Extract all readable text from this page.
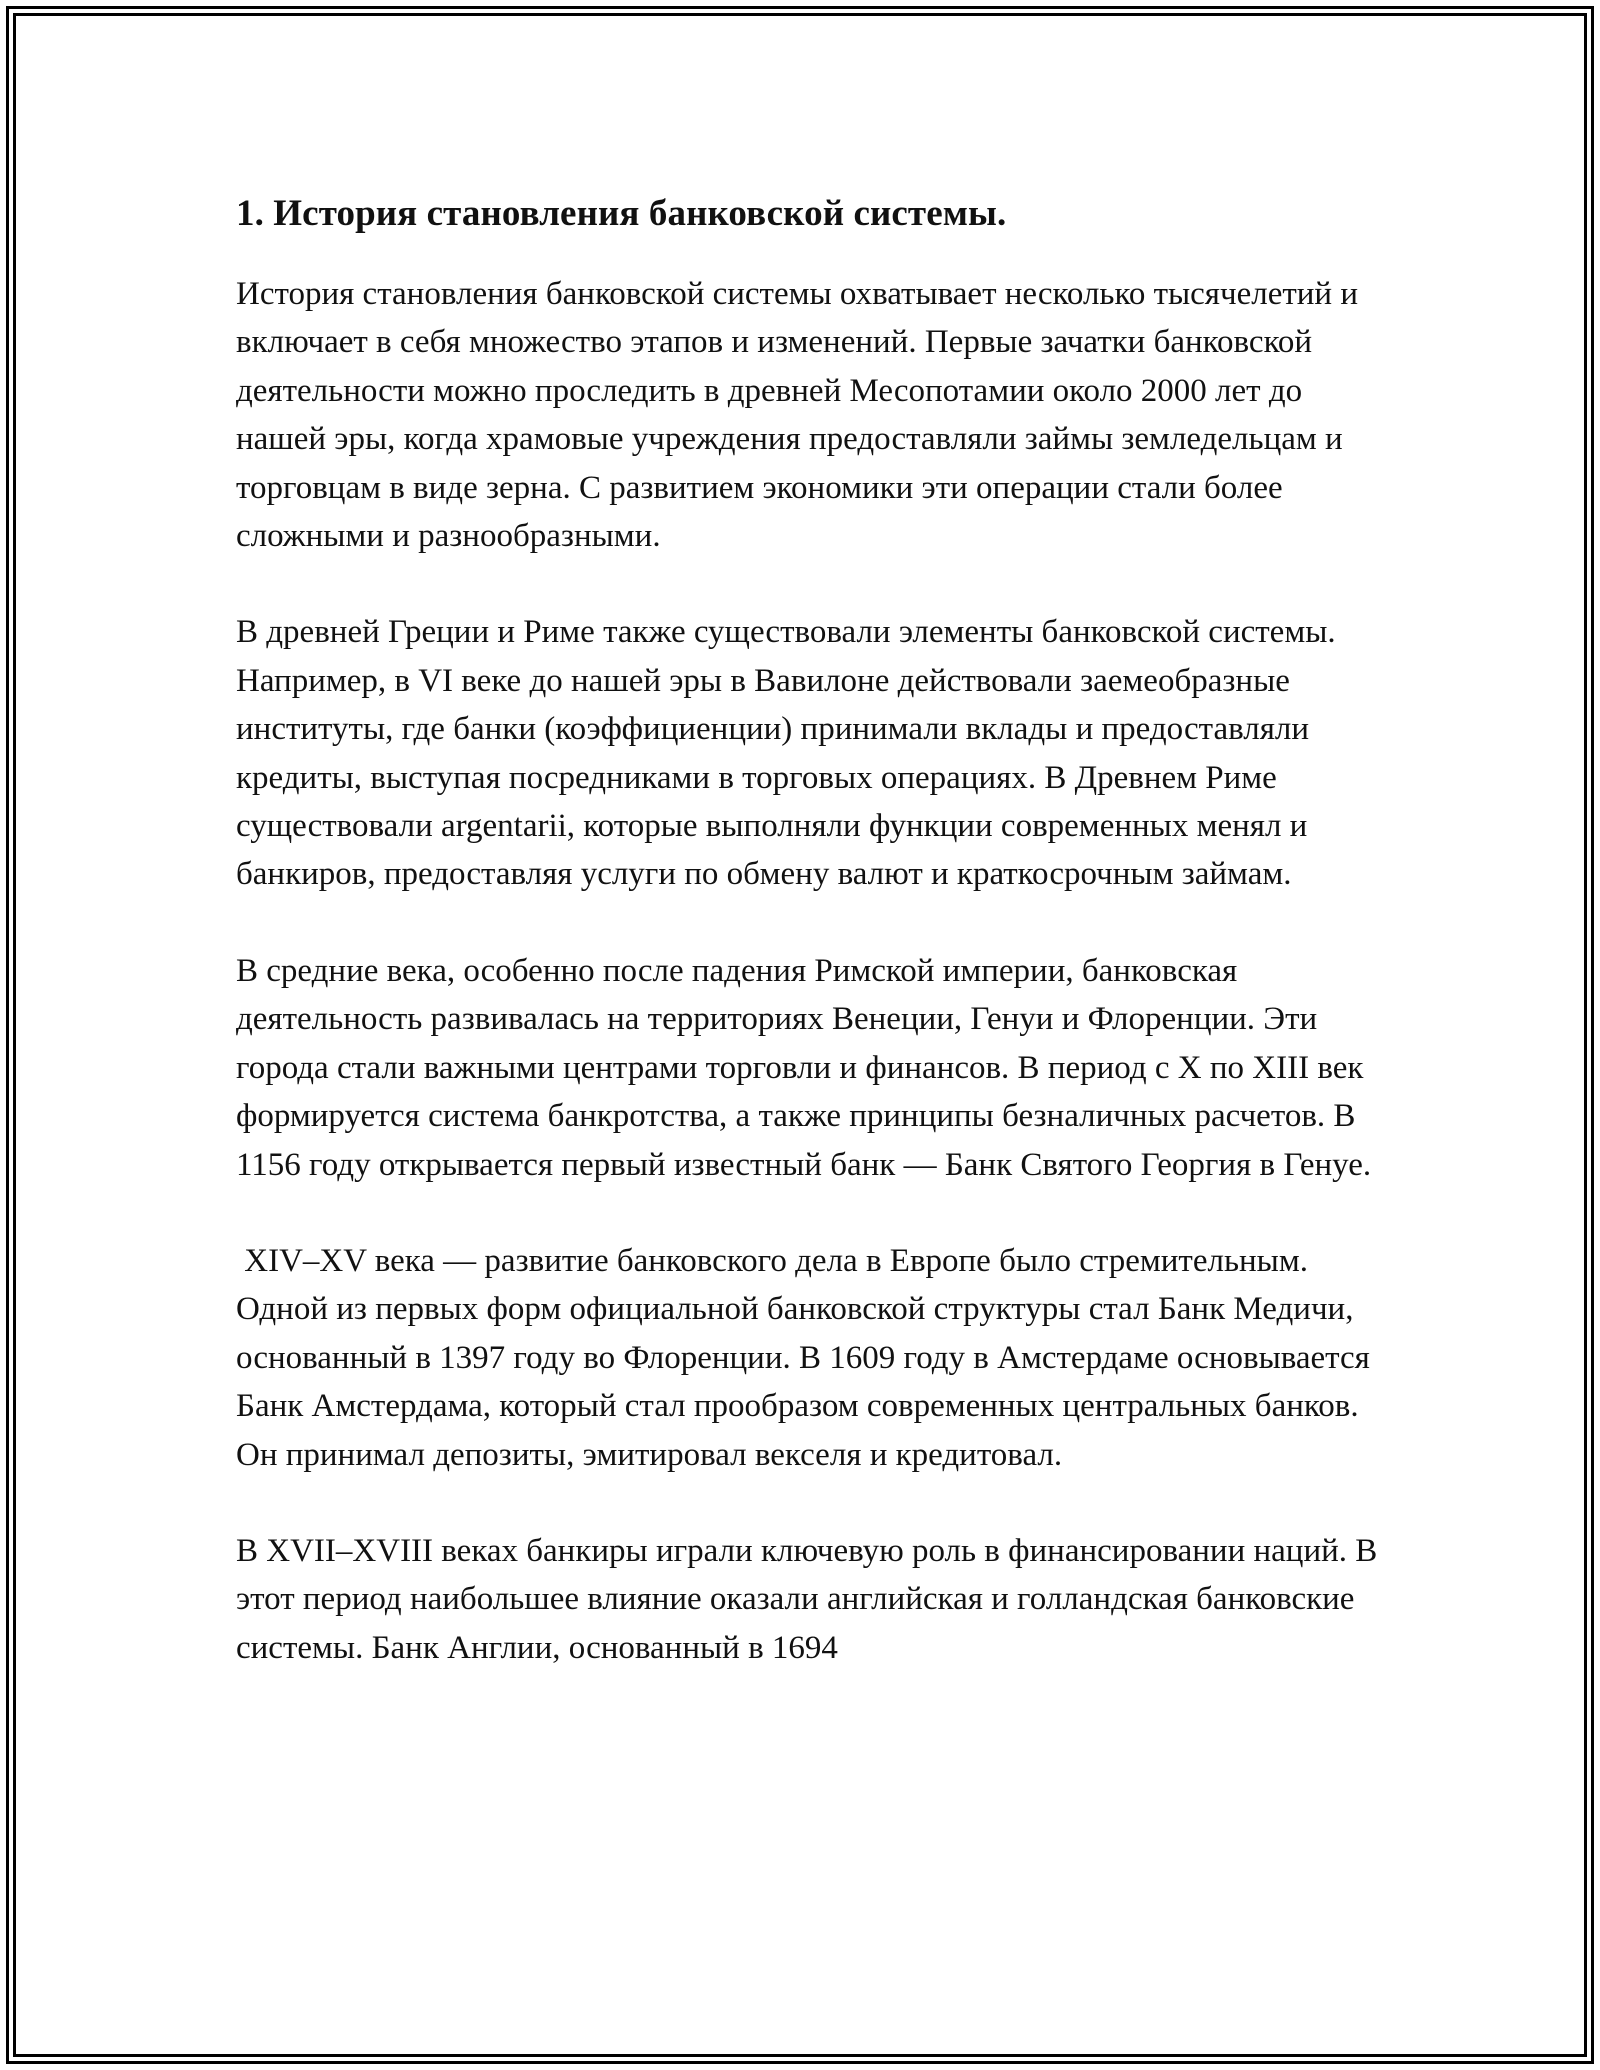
1. История становления банковской системы.

История становления банковской системы охватывает несколько тысячелетий и включает в себя множество этапов и изменений. Первые зачатки банковской деятельности можно проследить в древней Месопотамии около 2000 лет до нашей эры, когда храмовые учреждения предоставляли займы земледельцам и торговцам в виде зерна. С развитием экономики эти операции стали более сложными и разнообразными.

В древней Греции и Риме также существовали элементы банковской системы. Например, в VI веке до нашей эры в Вавилоне действовали заемеобразные институты, где банки (коэффициенции) принимали вклады и предоставляли кредиты, выступая посредниками в торговых операциях. В Древнем Риме существовали argentarii, которые выполняли функции современных менял и банкиров, предоставляя услуги по обмену валют и краткосрочным займам.

В средние века, особенно после падения Римской империи, банковская деятельность развивалась на территориях Венеции, Генуи и Флоренции. Эти города стали важными центрами торговли и финансов. В период с X по XIII век формируется система банкротства, а также принципы безналичных расчетов. В 1156 году открывается первый известный банк — Банк Святого Георгия в Генуе.

XIV–XV века — развитие банковского дела в Европе было стремительным. Одной из первых форм официальной банковской структуры стал Банк Медичи, основанный в 1397 году во Флоренции. В 1609 году в Амстердаме основывается Банк Амстердама, который стал прообразом современных центральных банков. Он принимал депозиты, эмитировал векселя и кредитовал.

В XVII–XVIII веках банкиры играли ключевую роль в финансировании наций. В этот период наибольшее влияние оказали английская и голландская банковские системы. Банк Англии, основанный в 1694
